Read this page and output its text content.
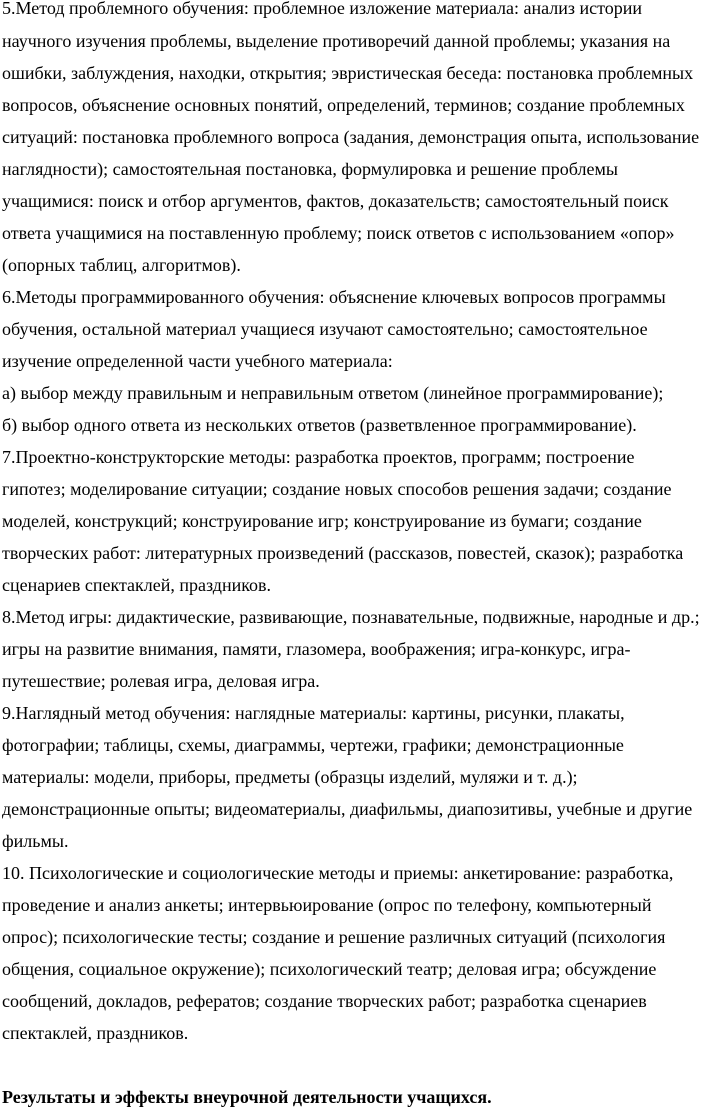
5.Метод проблемного обучения: проблемное изложение материала: анализ истории
научного изучения проблемы, выделение противоречий данной проблемы; указания на
ошибки, заблуждения, находки, открытия; эвристическая беседа: постановка проблемных
вопросов, объяснение основных понятий, определений, терминов; создание проблемных
ситуаций: постановка проблемного вопроса (задания, демонстрация опыта, использование
наглядности); самостоятельная постановка, формулировка и решение проблемы
учащимися: поиск и отбор аргументов, фактов, доказательств; самостоятельный поиск
ответа учащимися на поставленную проблему; поиск ответов с использованием «опор»
(опорных таблиц, алгоритмов).
6.Методы программированного обучения: объяснение ключевых вопросов программы
обучения, остальной материал учащиеся изучают самостоятельно; самостоятельное
изучение определенной части учебного материала:
а) выбор между правильным и неправильным ответом (линейное программирование);
б) выбор одного ответа из нескольких ответов (разветвленное программирование).
7.Проектно-конструкторские методы: разработка проектов, программ; построение
гипотез; моделирование ситуации; создание новых способов решения задачи; создание
моделей, конструкций; конструирование игр; конструирование из бумаги; создание
творческих работ: литературных произведений (рассказов, повестей, сказок); разработка
сценариев спектаклей, праздников.
8.Метод игры: дидактические, развивающие, познавательные, подвижные, народные и др.;
игры на развитие внимания, памяти, глазомера, воображения; игра-конкурс, игра-
путешествие; ролевая игра, деловая игра.
9.Наглядный метод обучения: наглядные материалы: картины, рисунки, плакаты,
фотографии; таблицы, схемы, диаграммы, чертежи, графики; демонстрационные
материалы: модели, приборы, предметы (образцы изделий, муляжи и т. д.);
демонстрационные опыты; видеоматериалы, диафильмы, диапозитивы, учебные и другие
фильмы.
10. Психологические и социологические методы и приемы: анкетирование: разработка,
проведение и анализ анкеты; интервьюирование (опрос по телефону, компьютерный
опрос); психологические тесты; создание и решение различных ситуаций (психология
общения, социальное окружение); психологический театр; деловая игра; обсуждение
сообщений, докладов, рефератов; создание творческих работ; разработка сценариев
спектаклей, праздников.
Результаты и эффекты внеурочной деятельности учащихся.
